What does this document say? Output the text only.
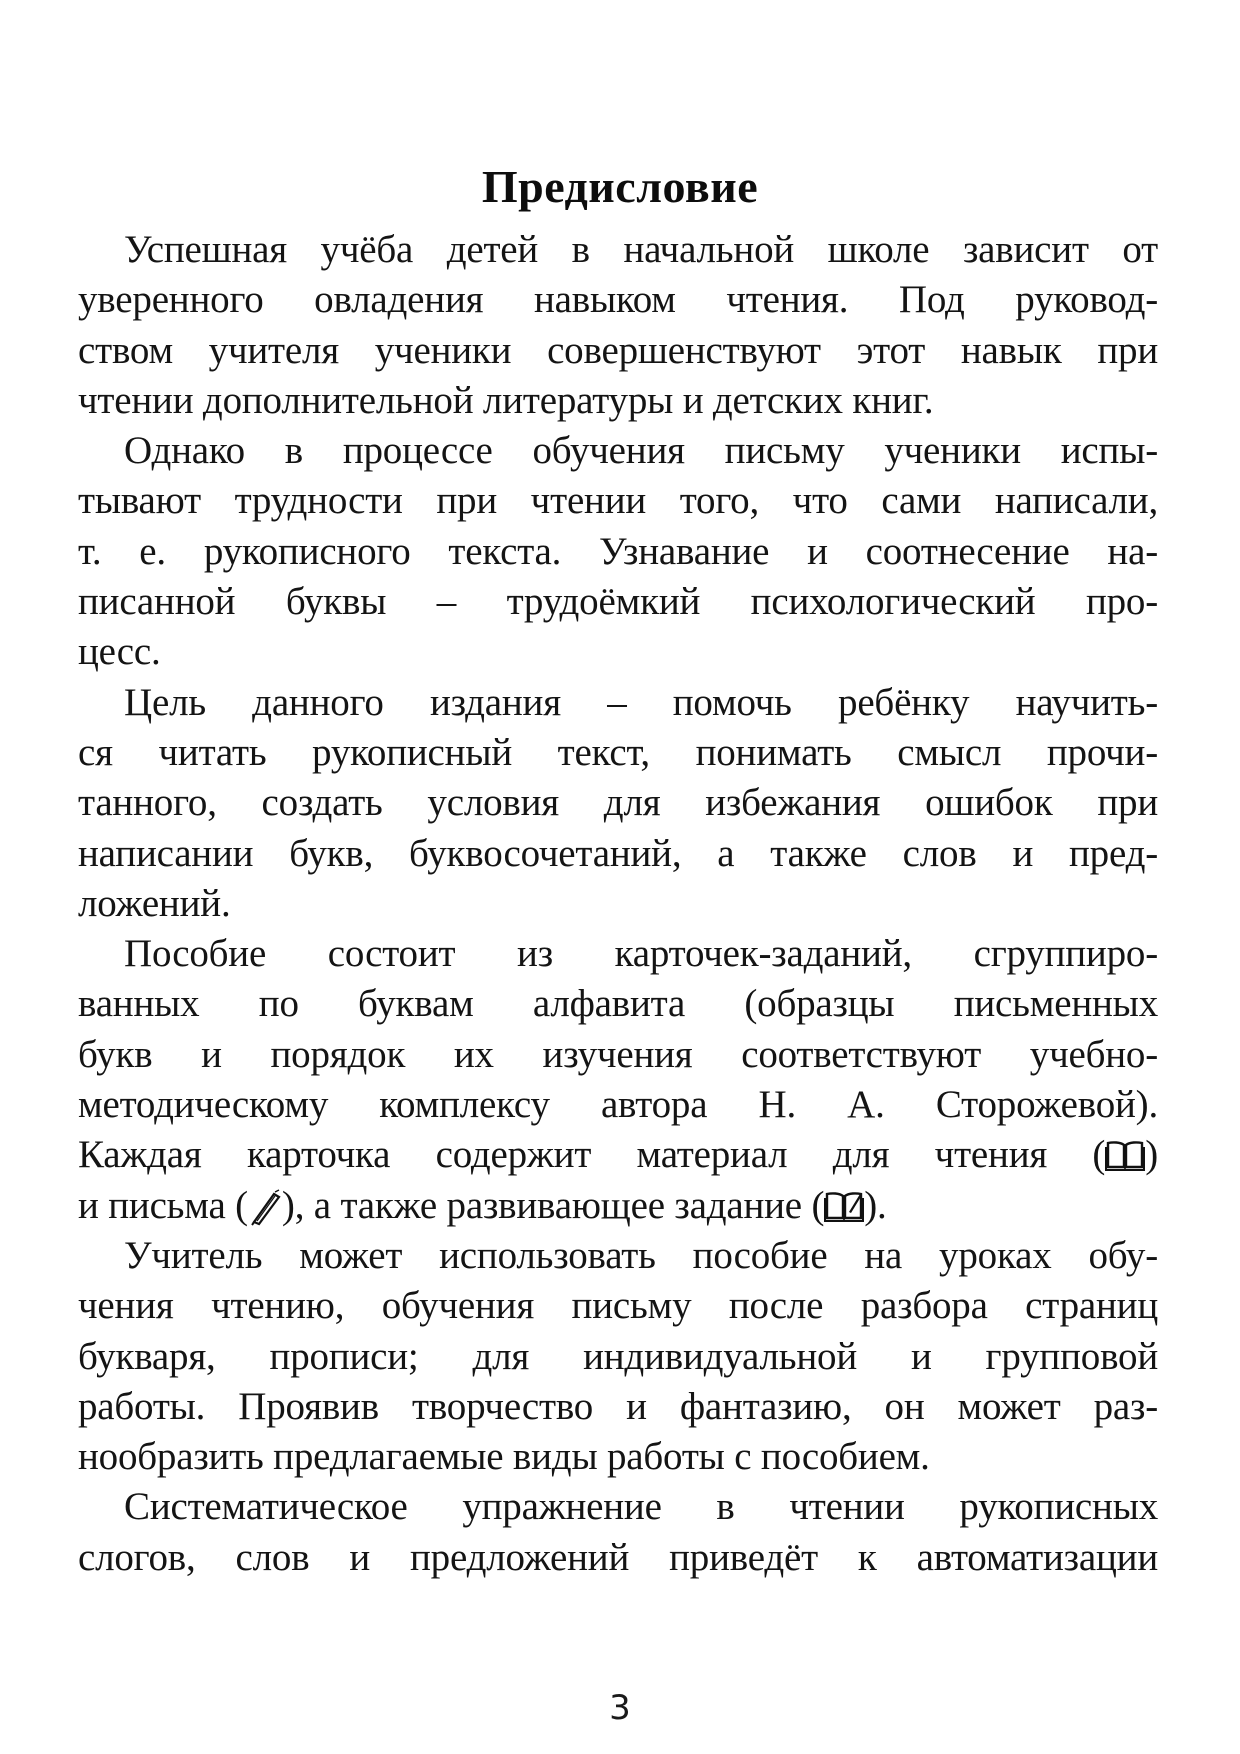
Предисловие
Успешная учёба детей в начальной школе зависит от
уверенного овладения навыком чтения. Под руковод-
ством учителя ученики совершенствуют этот навык при
чтении дополнительной литературы и детских книг.
Однако в процессе обучения письму ученики испы-
тывают трудности при чтении того, что сами написали,
т. е. рукописного текста. Узнавание и соотнесение на-
писанной буквы – трудоёмкий психологический про-
цесс.
Цель данного издания – помочь ребёнку научить-
ся читать рукописный текст, понимать смысл прочи-
танного, создать условия для избежания ошибок при
написании букв, буквосочетаний, а также слов и пред-
ложений.
Пособие состоит из карточек-заданий, сгруппиро-
ванных по буквам алфавита (образцы письменных
букв и порядок их изучения соответствуют учебно-
методическому комплексу автора Н. А. Сторожевой).
Каждая карточка содержит материал для чтения ( )
и письма ( ), а также развивающее задание ( ).
Учитель может использовать пособие на уроках обу-
чения чтению, обучения письму после разбора страниц
букваря, прописи; для индивидуальной и групповой
работы. Проявив творчество и фантазию, он может раз-
нообразить предлагаемые виды работы с пособием.
Систематическое упражнение в чтении рукописных
слогов, слов и предложений приведёт к автоматизации
3
